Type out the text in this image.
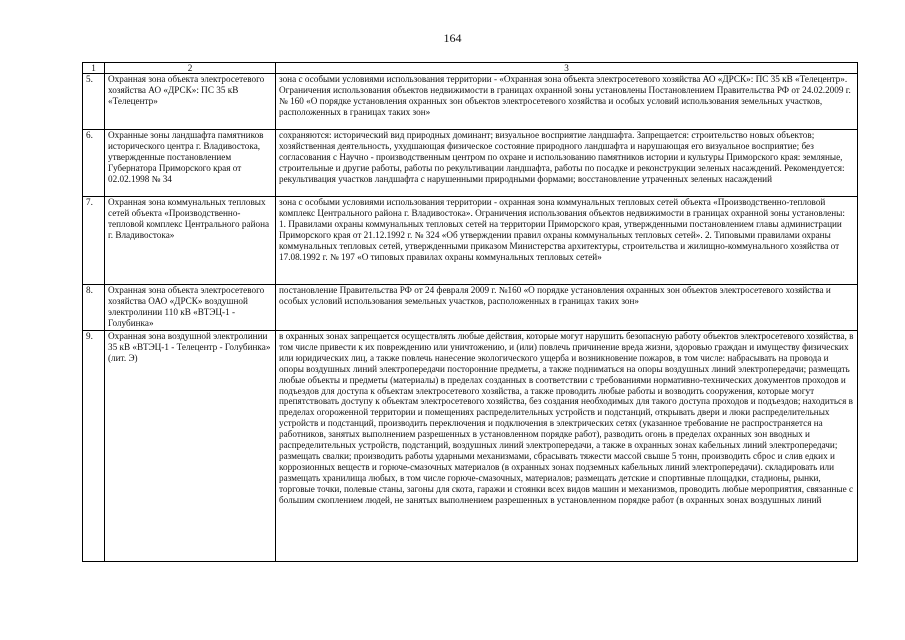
164
1	2	3
5.	Охранная зона объекта электросетевого хозяйства АО «ДРСК»: ПС 35 кВ «Телецентр»	зона с особыми условиями использования территории - «Охранная зона объекта электросетевого хозяйства АО «ДРСК»: ПС 35 кВ «Телецентр». Ограничения использования объектов недвижимости в границах охранной зоны установлены Постановлением Правительства РФ от 24.02.2009 г. № 160 «О порядке установления охранных зон объектов электросетевого хозяйства и особых условий использования земельных участков, расположенных в границах таких зон»

6.	Охранные зоны ландшафта памятников исторического центра г. Владивостока, утвержденные постановлением Губернатора Приморского края от 02.02.1998 № 34	сохраняются: исторический вид природных доминант; визуальное восприятие ландшафта. Запрещается: строительство новых объектов; хозяйственная деятельность, ухудшающая физическое состояние природного ландшафта и нарушающая его визуальное восприятие; без согласования с Научно - производственным центром по охране и использованию памятников истории и культуры Приморского края: земляные, строительные и другие работы, работы по рекультивации ландшафта, работы по посадке и реконструкции зеленых насаждений. Рекомендуется: рекультивация участков ландшафта с нарушенными природными формами; восстановление утраченных зеленых насаждений

7.	Охранная зона коммунальных тепловых сетей объекта «Производственно-тепловой комплекс Центрального района г. Владивостока»	зона с особыми условиями использования территории - охранная зона коммунальных тепловых сетей объекта «Производственно-тепловой комплекс Центрального района г. Владивостока». Ограничения использования объектов недвижимости в границах охранной зоны установлены: 1. Правилами охраны коммунальных тепловых сетей на территории Приморского края, утвержденными постановлением главы администрации Приморского края от 21.12.1992 г. № 324 «Об утверждении правил охраны коммунальных тепловых сетей». 2. Типовыми правилами охраны коммунальных тепловых сетей, утвержденными приказом Министерства архитектуры, строительства и жилищно-коммунального хозяйства от 17.08.1992 г. № 197 «О типовых правилах охраны коммунальных тепловых сетей»

8.	Охранная зона объекта электросетевого хозяйства ОАО «ДРСК» воздушной электролинии 110 кВ «ВТЭЦ-1 - Голубинка»	постановление Правительства РФ от 24 февраля 2009 г. №160 «О порядке установления охранных зон объектов электросетевого хозяйства и особых условий использования земельных участков, расположенных в границах таких зон»

9.	Охранная зона воздушной электролинии 35 кВ «ВТЭЦ-1 - Телецентр - Голубинка» (лит. Э)	в охранных зонах запрещается осуществлять любые действия, которые могут нарушить безопасную работу объектов электросетевого хозяйства, в том числе привести к их повреждению или уничтожению, и (или) повлечь причинение вреда жизни, здоровью граждан и имуществу физических или юридических лиц, а также повлечь нанесение экологического ущерба и возникновение пожаров, в том числе: набрасывать на провода и опоры воздушных линий электропередачи посторонние предметы, а также подниматься на опоры воздушных линий электропередачи; размещать любые объекты и предметы (материалы) в пределах созданных в соответствии с требованиями нормативно-технических документов проходов и подъездов для доступа к объектам электросетевого хозяйства, а также проводить любые работы и возводить сооружения, которые могут препятствовать доступу к объектам электросетевого хозяйства, без создания необходимых для такого доступа проходов и подъездов; находиться в пределах огороженной территории и помещениях распределительных устройств и подстанций, открывать двери и люки распределительных устройств и подстанций, производить переключения и подключения в электрических сетях (указанное требование не распространяется на работников, занятых выполнением разрешенных в установленном порядке работ), разводить огонь в пределах охранных зон вводных и распределительных устройств, подстанций, воздушных линий электропередачи, а также в охранных зонах кабельных линий электропередачи; размещать свалки; производить работы ударными механизмами, сбрасывать тяжести массой свыше 5 тонн, производить сброс и слив едких и коррозионных веществ и горюче-смазочных материалов (в охранных зонах подземных кабельных линий электропередачи). складировать или размещать хранилища любых, в том числе горюче-смазочных, материалов; размещать детские и спортивные площадки, стадионы, рынки, торговые точки, полевые станы, загоны для скота, гаражи и стоянки всех видов машин и механизмов, проводить любые мероприятия, связанные с большим скоплением людей, не занятых выполнением разрешенных в установленном порядке работ (в охранных зонах воздушных линий
